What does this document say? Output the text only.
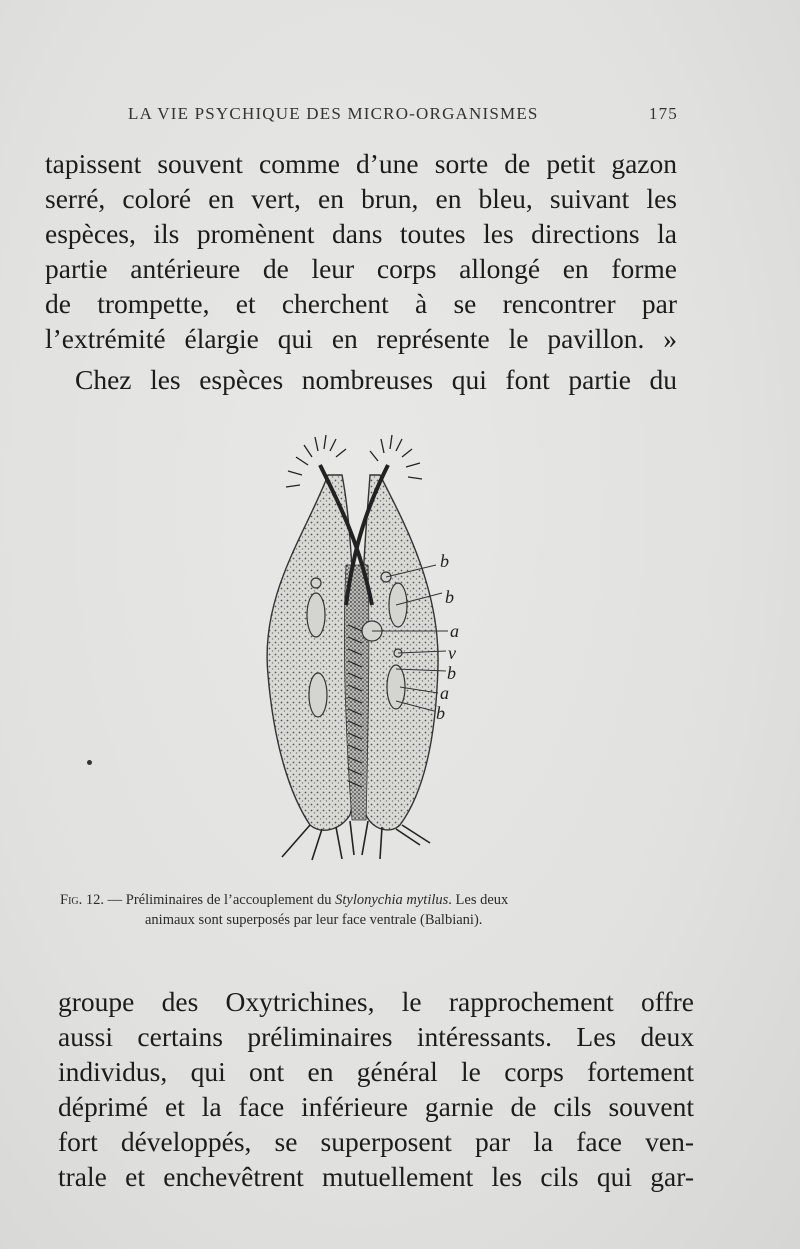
LA VIE PSYCHIQUE DES MICRO-ORGANISMES	175
tapissent souvent comme d’une sorte de petit gazon
serré, coloré en vert, en brun, en bleu, suivant les
espèces, ils promènent dans toutes les directions la
partie antérieure de leur corps allongé en forme
de trompette, et cherchent à se rencontrer par
l’extrémité élargie qui en représente le pavillon. »
Chez les espèces nombreuses qui font partie du
b
b
a
v
b
a
b
Fig. 12. — Préliminaires de l’accouplement du Stylonychia mytilus. Les deux
animaux sont superposés par leur face ventrale (Balbiani).
groupe des Oxytrichines, le rapprochement offre
aussi certains préliminaires intéressants. Les deux
individus, qui ont en général le corps fortement
déprimé et la face inférieure garnie de cils souvent
fort développés, se superposent par la face ven-
trale et enchevêtrent mutuellement les cils qui gar-
